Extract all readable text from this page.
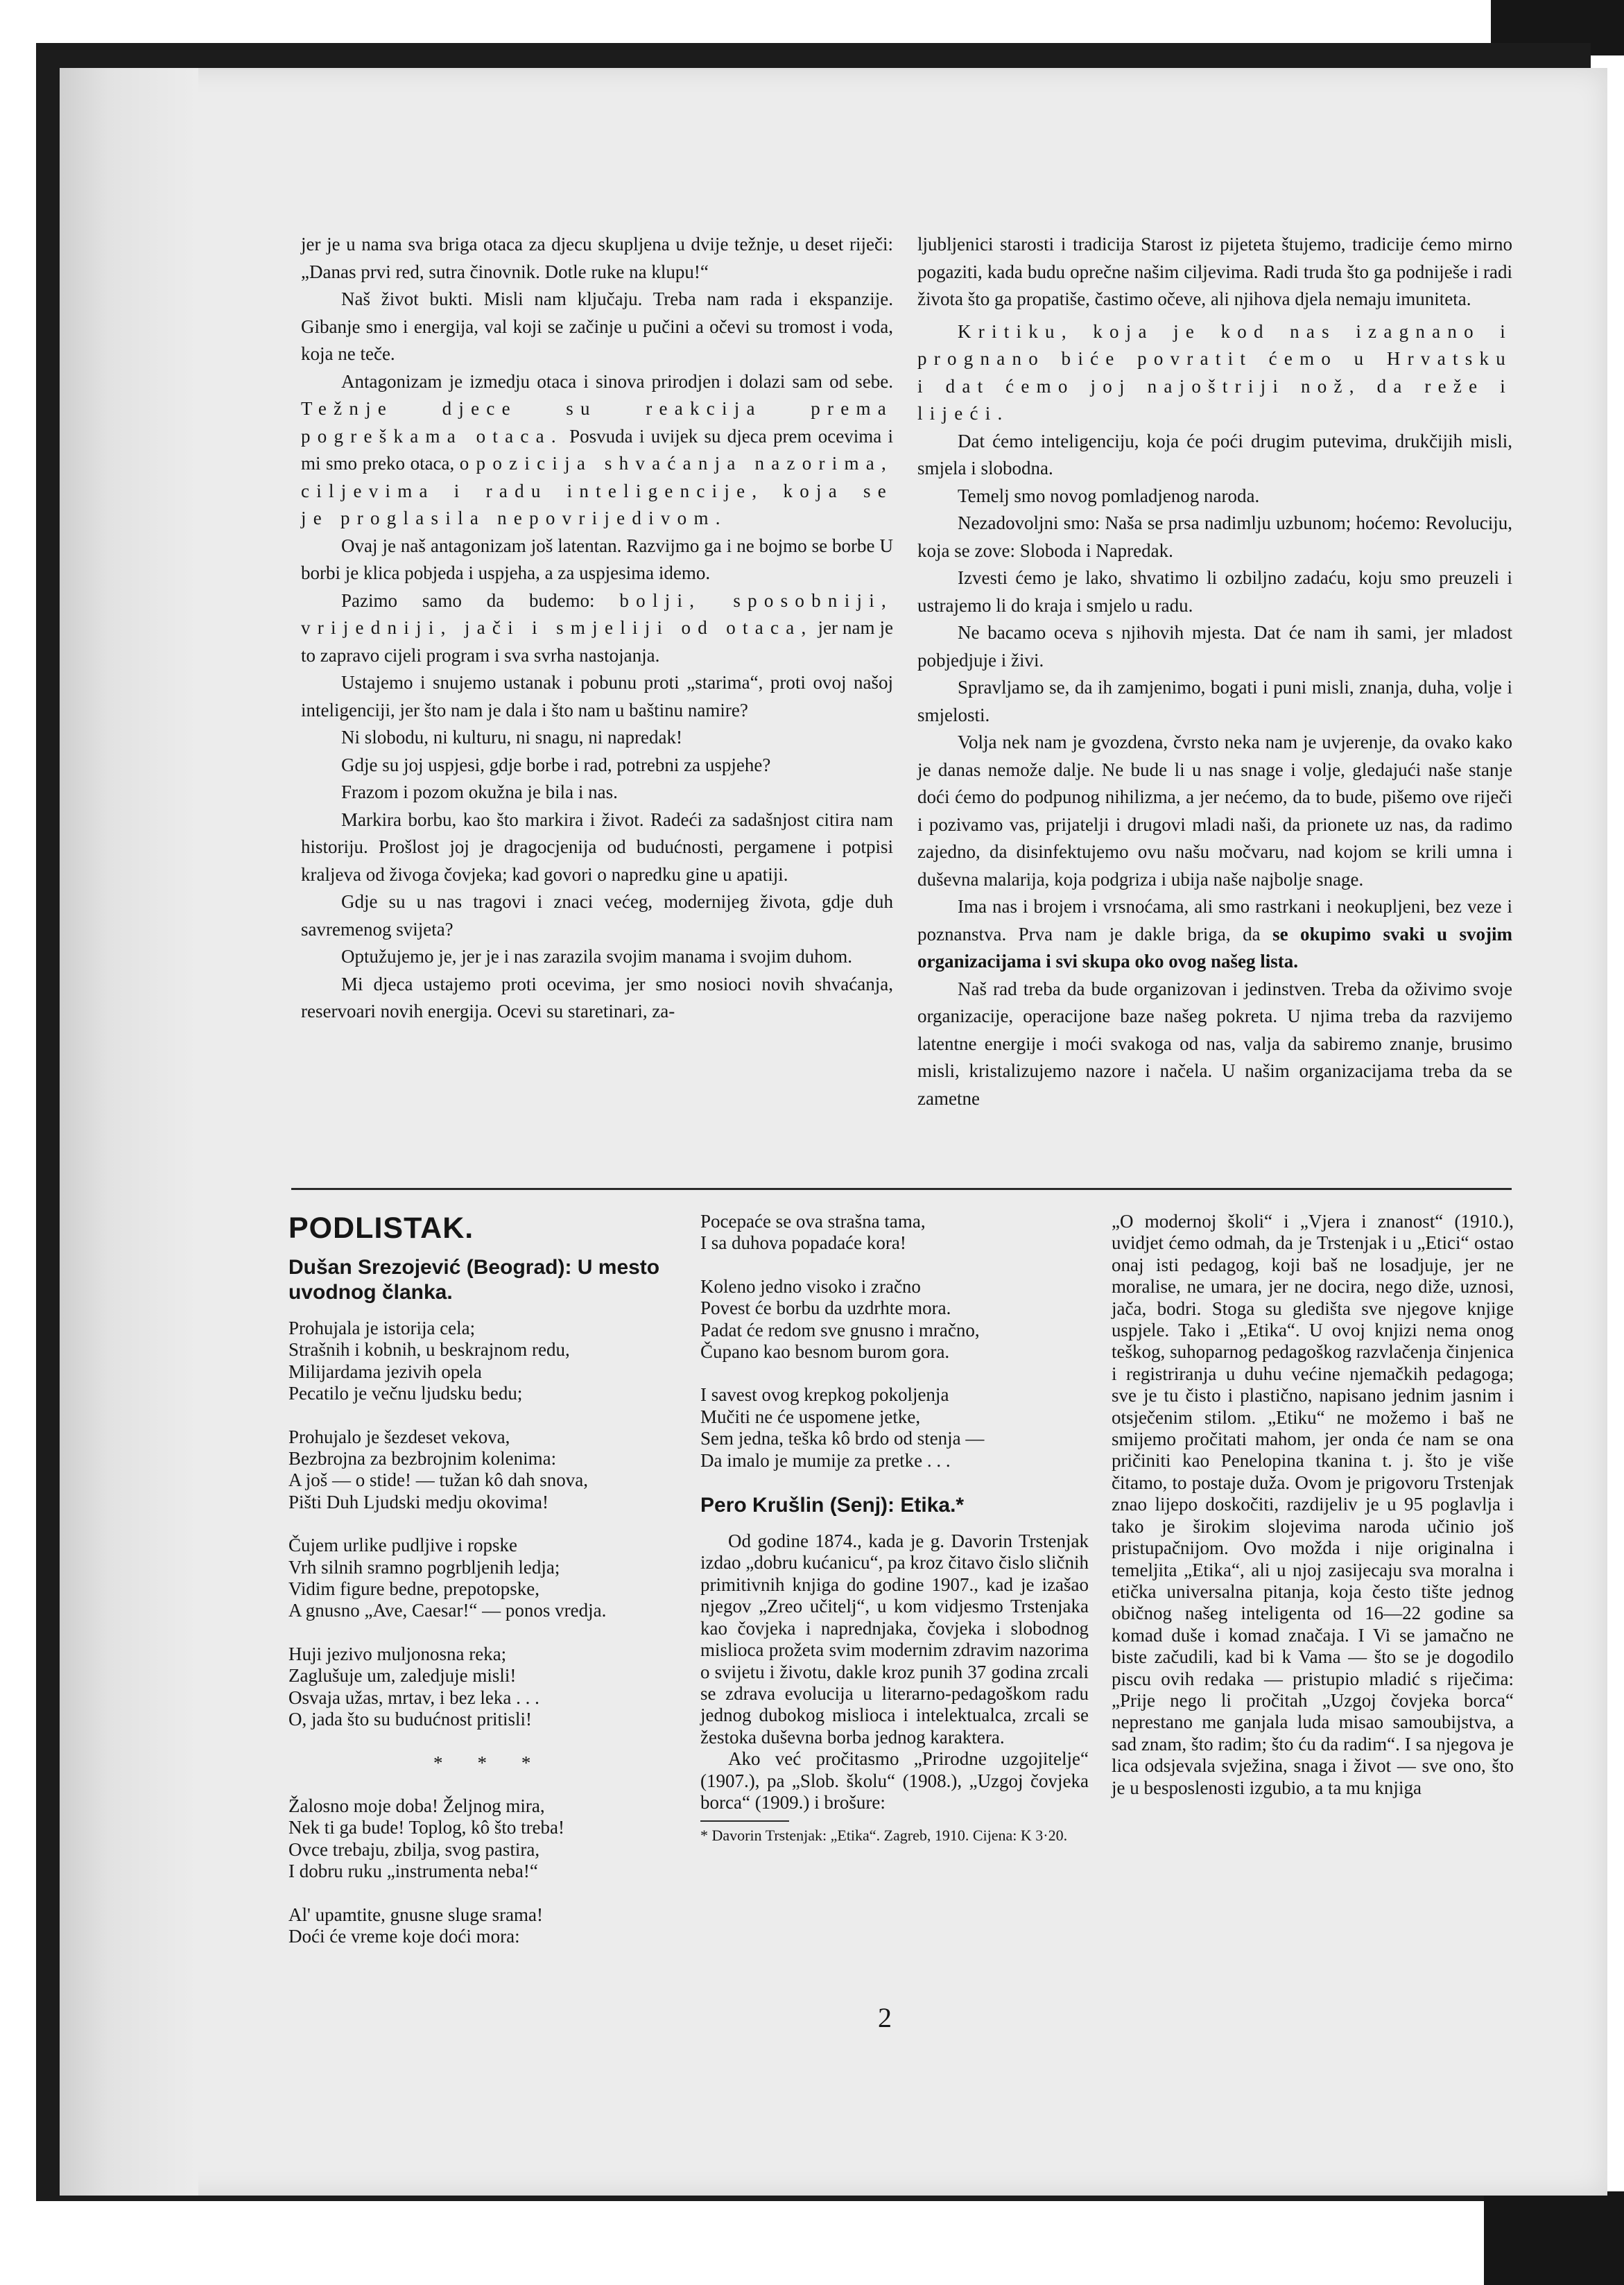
jer je u nama sva briga otaca za djecu skupljena u dvije težnje, u deset riječi: „Danas prvi red, sutra činovnik. Dotle ruke na klupu!“

Naš život bukti. Misli nam ključaju. Treba nam rada i ekspanzije. Gibanje smo i energija, val koji se začinje u pučini a očevi su tromost i voda, koja ne teče.

Antagonizam je izmedju otaca i sinova prirodjen i dolazi sam od sebe. Težnje djece su reakcija prema pogreškama otaca. Posvuda i uvijek su djeca prem ocevima i mi smo preko otaca, opozicija shvaćanja nazorima, ciljevima i radu inteligencije, koja se je proglasila nepovrijedivom.

Ovaj je naš antagonizam još latentan. Razvijmo ga i ne bojmo se borbe U borbi je klica pobjeda i uspjeha, a za uspjesima idemo.

Pazimo samo da budemo: bolji, sposobniji, vrijedniji, jači i smjeliji od otaca, jer nam je to zapravo cijeli program i sva svrha nastojanja.

Ustajemo i snujemo ustanak i pobunu proti „starima“, proti ovoj našoj inteligenciji, jer što nam je dala i što nam u baštinu namire?

Ni slobodu, ni kulturu, ni snagu, ni napredak!

Gdje su joj uspjesi, gdje borbe i rad, potrebni za uspjehe?

Frazom i pozom okužna je bila i nas.

Markira borbu, kao što markira i život. Radeći za sadašnjost citira nam historiju. Prošlost joj je dragocjenija od budućnosti, pergamene i potpisi kraljeva od živoga čovjeka; kad govori o napredku gine u apatiji.

Gdje su u nas tragovi i znaci većeg, modernijeg života, gdje duh savremenog svijeta?

Optužujemo je, jer je i nas zarazila svojim manama i svojim duhom.

Mi djeca ustajemo proti ocevima, jer smo nosioci novih shvaćanja, reservoari novih energija. Ocevi su staretinari, za-

ljubljenici starosti i tradicija Starost iz pijeteta štujemo, tradicije ćemo mirno pogaziti, kada budu oprečne našim ciljevima. Radi truda što ga podniješe i radi života što ga propatiše, častimo očeve, ali njihova djela nemaju imuniteta.

Kritiku, koja je kod nas izagnano i prognano biće povratit ćemo u Hrvatsku i dat ćemo joj najoštriji nož, da reže i lijeći.

Dat ćemo inteligenciju, koja će poći drugim putevima, drukčijih misli, smjela i slobodna.

Temelj smo novog pomladjenog naroda.

Nezadovoljni smo: Naša se prsa nadimlju uzbunom; hoćemo: Revoluciju, koja se zove: Sloboda i Napredak.

Izvesti ćemo je lako, shvatimo li ozbiljno zadaću, koju smo preuzeli i ustrajemo li do kraja i smjelo u radu.

Ne bacamo oceva s njihovih mjesta. Dat će nam ih sami, jer mladost pobjedjuje i živi.

Spravljamo se, da ih zamjenimo, bogati i puni misli, znanja, duha, volje i smjelosti.

Volja nek nam je gvozdena, čvrsto neka nam je uvjerenje, da ovako kako je danas nemože dalje. Ne bude li u nas snage i volje, gledajući naše stanje doći ćemo do podpunog nihilizma, a jer nećemo, da to bude, pišemo ove riječi i pozivamo vas, prijatelji i drugovi mladi naši, da prionete uz nas, da radimo zajedno, da disinfektujemo ovu našu močvaru, nad kojom se krili umna i duševna malarija, koja podgriza i ubija naše najbolje snage.

Ima nas i brojem i vrsnoćama, ali smo rastrkani i neokupljeni, bez veze i poznanstva. Prva nam je dakle briga, da se okupimo svaki u svojim organizacijama i svi skupa oko ovog našeg lista.

Naš rad treba da bude organizovan i jedinstven. Treba da oživimo svoje organizacije, operacijone baze našeg pokreta. U njima treba da razvijemo latentne energije i moći svakoga od nas, valja da sabiremo znanje, brusimo misli, kristalizujemo nazore i načela. U našim organizacijama treba da se zametne

PODLISTAK.
Dušan Srezojević (Beograd): U mesto uvodnog članka.
Prohujala je istorija cela;
Strašnih i kobnih, u beskrajnom redu,
Milijardama jezivih opela
Pecatilo je večnu ljudsku bedu;
Prohujalo je šezdeset vekova,
Bezbrojna za bezbrojnim kolenima:
A još — o stide! — tužan kô dah snova,
Pišti Duh Ljudski medju okovima!
Čujem urlike pudljive i ropske
Vrh silnih sramno pogrbljenih ledja;
Vidim figure bedne, prepotopske,
A gnusno „Ave, Caesar!“ — ponos vredja.
Huji jezivo muljonosna reka;
Zaglušuje um, zaledjuje misli!
Osvaja užas, mrtav, i bez leka . . .
O, jada što su budućnost pritisli!
* * *
Žalosno moje doba! Željnog mira,
Nek ti ga bude! Toplog, kô što treba!
Ovce trebaju, zbilja, svog pastira,
I dobru ruku „instrumenta neba!“
Al' upamtite, gnusne sluge srama!
Doći će vreme koje doći mora:
Pocepaće se ova strašna tama,
I sa duhova popadaće kora!
Koleno jedno visoko i zračno
Povest će borbu da uzdrhte mora.
Padat će redom sve gnusno i mračno,
Čupano kao besnom burom gora.
I savest ovog krepkog pokoljenja
Mučiti ne će uspomene jetke,
Sem jedna, teška kô brdo od stenja —
Da imalo je mumije za pretke . . .
Pero Krušlin (Senj): Etika.*

Od godine 1874., kada je g. Davorin Trstenjak izdao „dobru kućanicu“, pa kroz čitavo čislo sličnih primitivnih knjiga do godine 1907., kad je izašao njegov „Zreo učitelj“, u kom vidjesmo Trstenjaka kao čovjeka i naprednjaka, čovjeka i slobodnog mislioca prožeta svim modernim zdravim nazorima o svijetu i životu, dakle kroz punih 37 godina zrcali se zdrava evolucija u literarno-pedagoškom radu jednog dubokog mislioca i intelektualca, zrcali se žestoka duševna borba jednog karaktera.

Ako već pročitasmo „Prirodne uzgojitelje“ (1907.), pa „Slob. školu“ (1908.), „Uzgoj čovjeka borca“ (1909.) i brošure:

* Davorin Trstenjak: „Etika“. Zagreb, 1910. Cijena: K 3·20.

„O modernoj školi“ i „Vjera i znanost“ (1910.), uvidjet ćemo odmah, da je Trstenjak i u „Etici“ ostao onaj isti pedagog, koji baš ne losadjuje, jer ne moralise, ne umara, jer ne docira, nego diže, uznosi, jača, bodri. Stoga su gledišta sve njegove knjige uspjele. Tako i „Etika“. U ovoj knjizi nema onog teškog, suhoparnog pedagoškog razvlačenja činjenica i registriranja u duhu većine njemačkih pedagoga; sve je tu čisto i plastično, napisano jednim jasnim i otsječenim stilom. „Etiku“ ne možemo i baš ne smijemo pročitati mahom, jer onda će nam se ona pričiniti kao Penelopina tkanina t. j. što je više čitamo, to postaje duža. Ovom je prigovoru Trstenjak znao lijepo doskočiti, razdijeliv je u 95 poglavlja i tako je širokim slojevima naroda učinio još pristupačnijom. Ovo možda i nije originalna i temeljita „Etika“, ali u njoj zasijecaju sva moralna i etička universalna pitanja, koja često tište jednog običnog našeg inteligenta od 16—22 godine sa komad duše i komad značaja. I Vi se jamačno ne biste začudili, kad bi k Vama — što se je dogodilo piscu ovih redaka — pristupio mladić s riječima: „Prije nego li pročitah „Uzgoj čovjeka borca“ neprestano me ganjala luda misao samoubijstva, a sad znam, što radim; što ću da radim“. I sa njegova je lica odsjevala svježina, snaga i život — sve ono, što je u besposlenosti izgubio, a ta mu knjiga

2
